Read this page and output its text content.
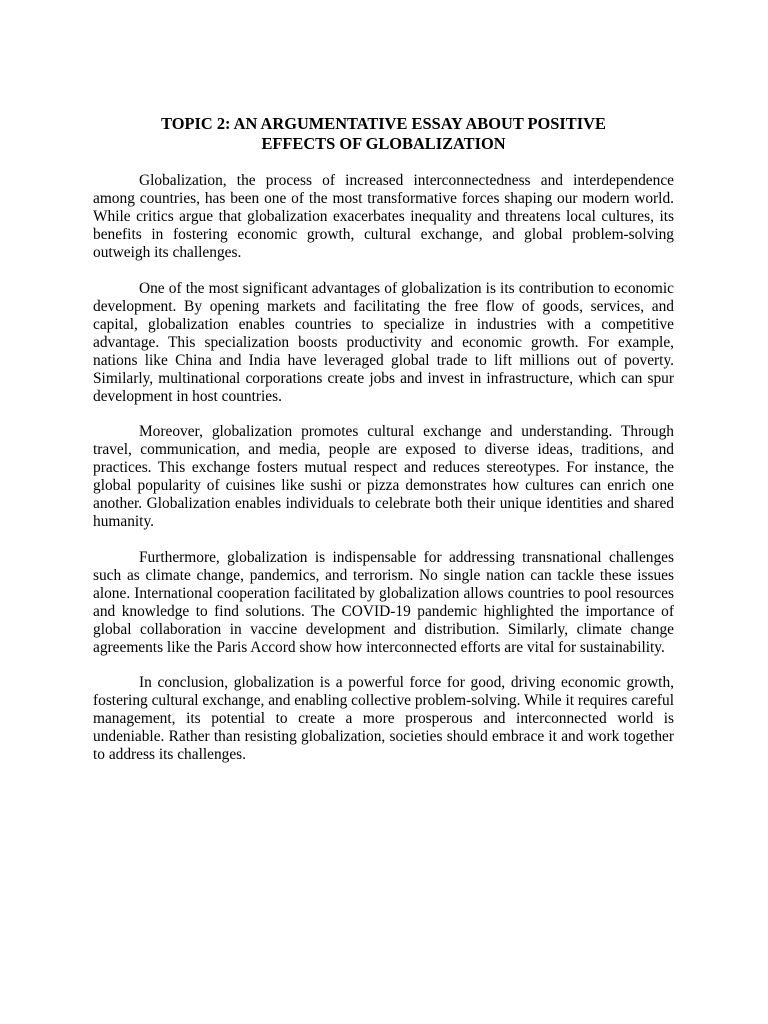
TOPIC 2: AN ARGUMENTATIVE ESSAY ABOUT POSITIVE
EFFECTS OF GLOBALIZATION

Globalization, the process of increased interconnectedness and interdependence among countries, has been one of the most transformative forces shaping our modern world. While critics argue that globalization exacerbates inequality and threatens local cultures, its benefits in fostering economic growth, cultural exchange, and global problem-solving outweigh its challenges.

One of the most significant advantages of globalization is its contribution to economic development. By opening markets and facilitating the free flow of goods, services, and capital, globalization enables countries to specialize in industries with a competitive advantage. This specialization boosts productivity and economic growth. For example, nations like China and India have leveraged global trade to lift millions out of poverty. Similarly, multinational corporations create jobs and invest in infrastructure, which can spur development in host countries.

Moreover, globalization promotes cultural exchange and understanding. Through travel, communication, and media, people are exposed to diverse ideas, traditions, and practices. This exchange fosters mutual respect and reduces stereotypes. For instance, the global popularity of cuisines like sushi or pizza demonstrates how cultures can enrich one another. Globalization enables individuals to celebrate both their unique identities and shared humanity.

Furthermore, globalization is indispensable for addressing transnational challenges such as climate change, pandemics, and terrorism. No single nation can tackle these issues alone. International cooperation facilitated by globalization allows countries to pool resources and knowledge to find solutions. The COVID-19 pandemic highlighted the importance of global collaboration in vaccine development and distribution. Similarly, climate change agreements like the Paris Accord show how interconnected efforts are vital for sustainability.

In conclusion, globalization is a powerful force for good, driving economic growth, fostering cultural exchange, and enabling collective problem-solving. While it requires careful management, its potential to create a more prosperous and interconnected world is undeniable. Rather than resisting globalization, societies should embrace it and work together to address its challenges.
